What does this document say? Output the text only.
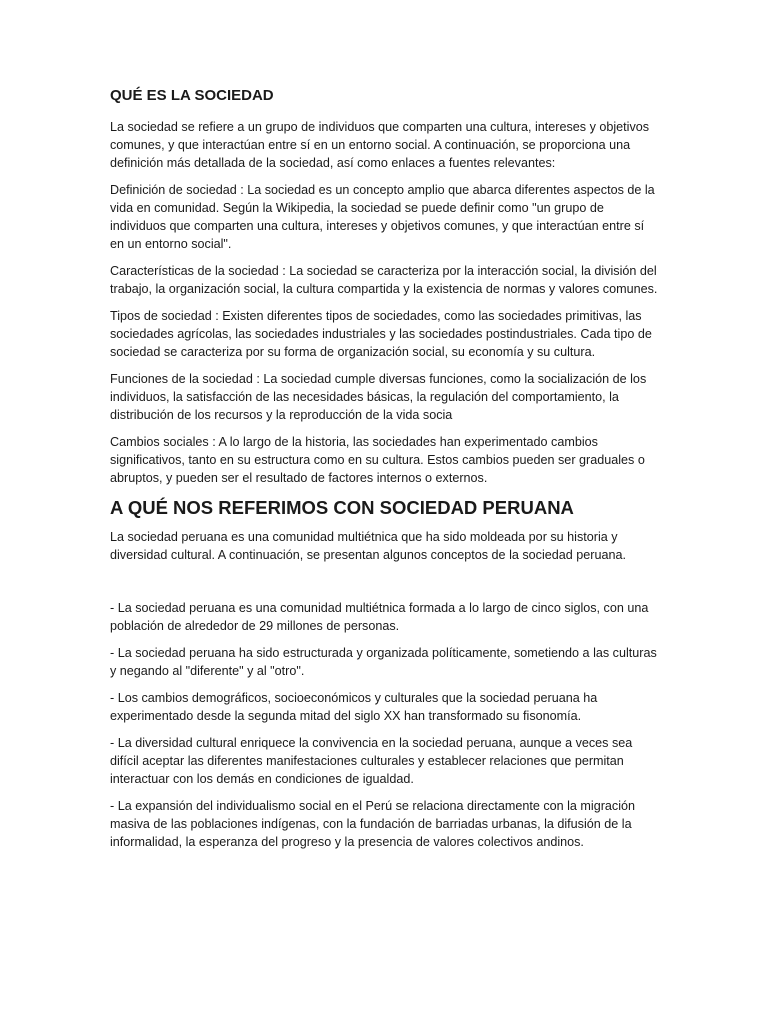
QUÉ ES LA SOCIEDAD

La sociedad se refiere a un grupo de individuos que comparten una cultura, intereses y objetivos comunes, y que interactúan entre sí en un entorno social. A continuación, se proporciona una definición más detallada de la sociedad, así como enlaces a fuentes relevantes:

Definición de sociedad : La sociedad es un concepto amplio que abarca diferentes aspectos de la vida en comunidad. Según la Wikipedia, la sociedad se puede definir como "un grupo de individuos que comparten una cultura, intereses y objetivos comunes, y que interactúan entre sí en un entorno social".

Características de la sociedad : La sociedad se caracteriza por la interacción social, la división del trabajo, la organización social, la cultura compartida y la existencia de normas y valores comunes.

Tipos de sociedad : Existen diferentes tipos de sociedades, como las sociedades primitivas, las sociedades agrícolas, las sociedades industriales y las sociedades postindustriales. Cada tipo de sociedad se caracteriza por su forma de organización social, su economía y su cultura.

Funciones de la sociedad : La sociedad cumple diversas funciones, como la socialización de los individuos, la satisfacción de las necesidades básicas, la regulación del comportamiento, la distribución de los recursos y la reproducción de la vida socia

Cambios sociales : A lo largo de la historia, las sociedades han experimentado cambios significativos, tanto en su estructura como en su cultura. Estos cambios pueden ser graduales o abruptos, y pueden ser el resultado de factores internos o externos.

A QUÉ NOS REFERIMOS CON SOCIEDAD PERUANA

La sociedad peruana es una comunidad multiétnica que ha sido moldeada por su historia y diversidad cultural. A continuación, se presentan algunos conceptos de la sociedad peruana.

- La sociedad peruana es una comunidad multiétnica formada a lo largo de cinco siglos, con una población de alrededor de 29 millones de personas.

- La sociedad peruana ha sido estructurada y organizada políticamente, sometiendo a las culturas y negando al "diferente" y al "otro".

- Los cambios demográficos, socioeconómicos y culturales que la sociedad peruana ha experimentado desde la segunda mitad del siglo XX han transformado su fisonomía.

- La diversidad cultural enriquece la convivencia en la sociedad peruana, aunque a veces sea difícil aceptar las diferentes manifestaciones culturales y establecer relaciones que permitan interactuar con los demás en condiciones de igualdad.

- La expansión del individualismo social en el Perú se relaciona directamente con la migración masiva de las poblaciones indígenas, con la fundación de barriadas urbanas, la difusión de la informalidad, la esperanza del progreso y la presencia de valores colectivos andinos.
